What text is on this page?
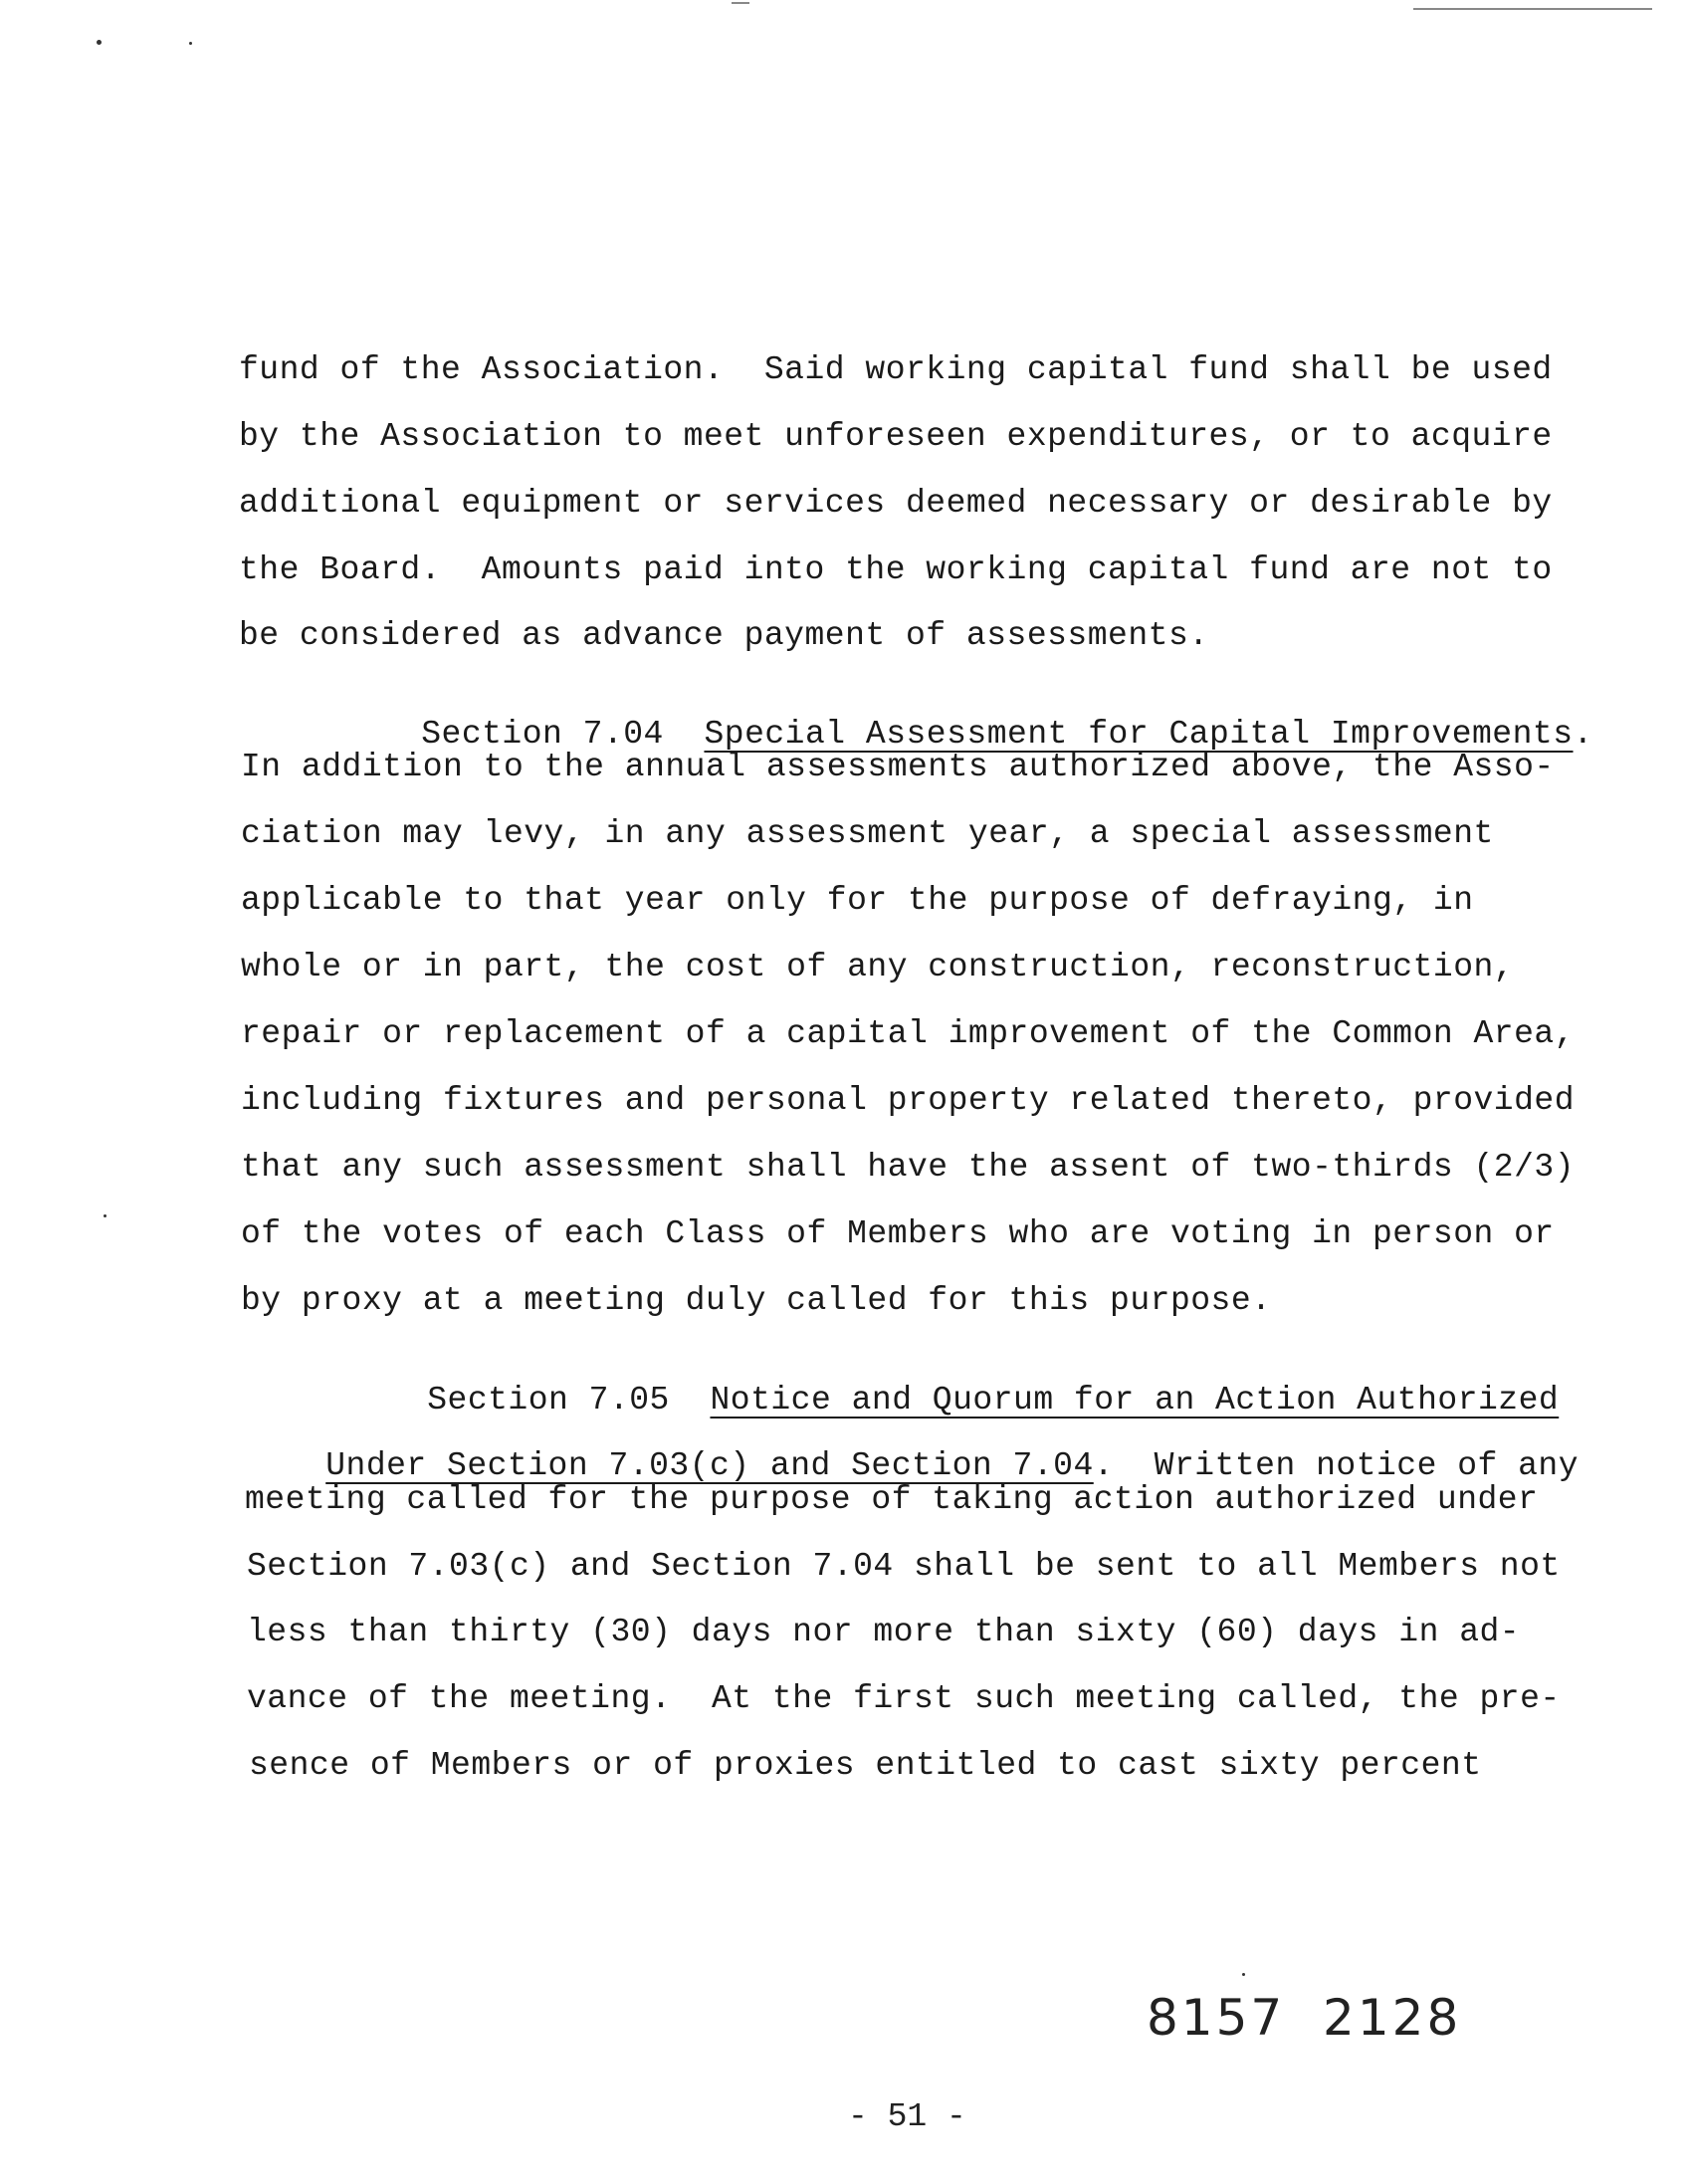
fund of the Association.  Said working capital fund shall be used
by the Association to meet unforeseen expenditures, or to acquire
additional equipment or services deemed necessary or desirable by
the Board.  Amounts paid into the working capital fund are not to
be considered as advance payment of assessments.

Section 7.04 Special Assessment for Capital Improvements.

In addition to the annual assessments authorized above, the Asso-
ciation may levy, in any assessment year, a special assessment
applicable to that year only for the purpose of defraying, in
whole or in part, the cost of any construction, reconstruction,
repair or replacement of a capital improvement of the Common Area,
including fixtures and personal property related thereto, provided
that any such assessment shall have the assent of two-thirds (2/3)
of the votes of each Class of Members who are voting in person or
by proxy at a meeting duly called for this purpose.

Section 7.05 Notice and Quorum for an Action Authorized

Under Section 7.03(c) and Section 7.04.  Written notice of any

meeting called for the purpose of taking action authorized under
Section 7.03(c) and Section 7.04 shall be sent to all Members not
less than thirty (30) days nor more than sixty (60) days in ad-
vance of the meeting.  At the first such meeting called, the pre-
sence of Members or of proxies entitled to cast sixty percent
8157  2128
- 51 -
